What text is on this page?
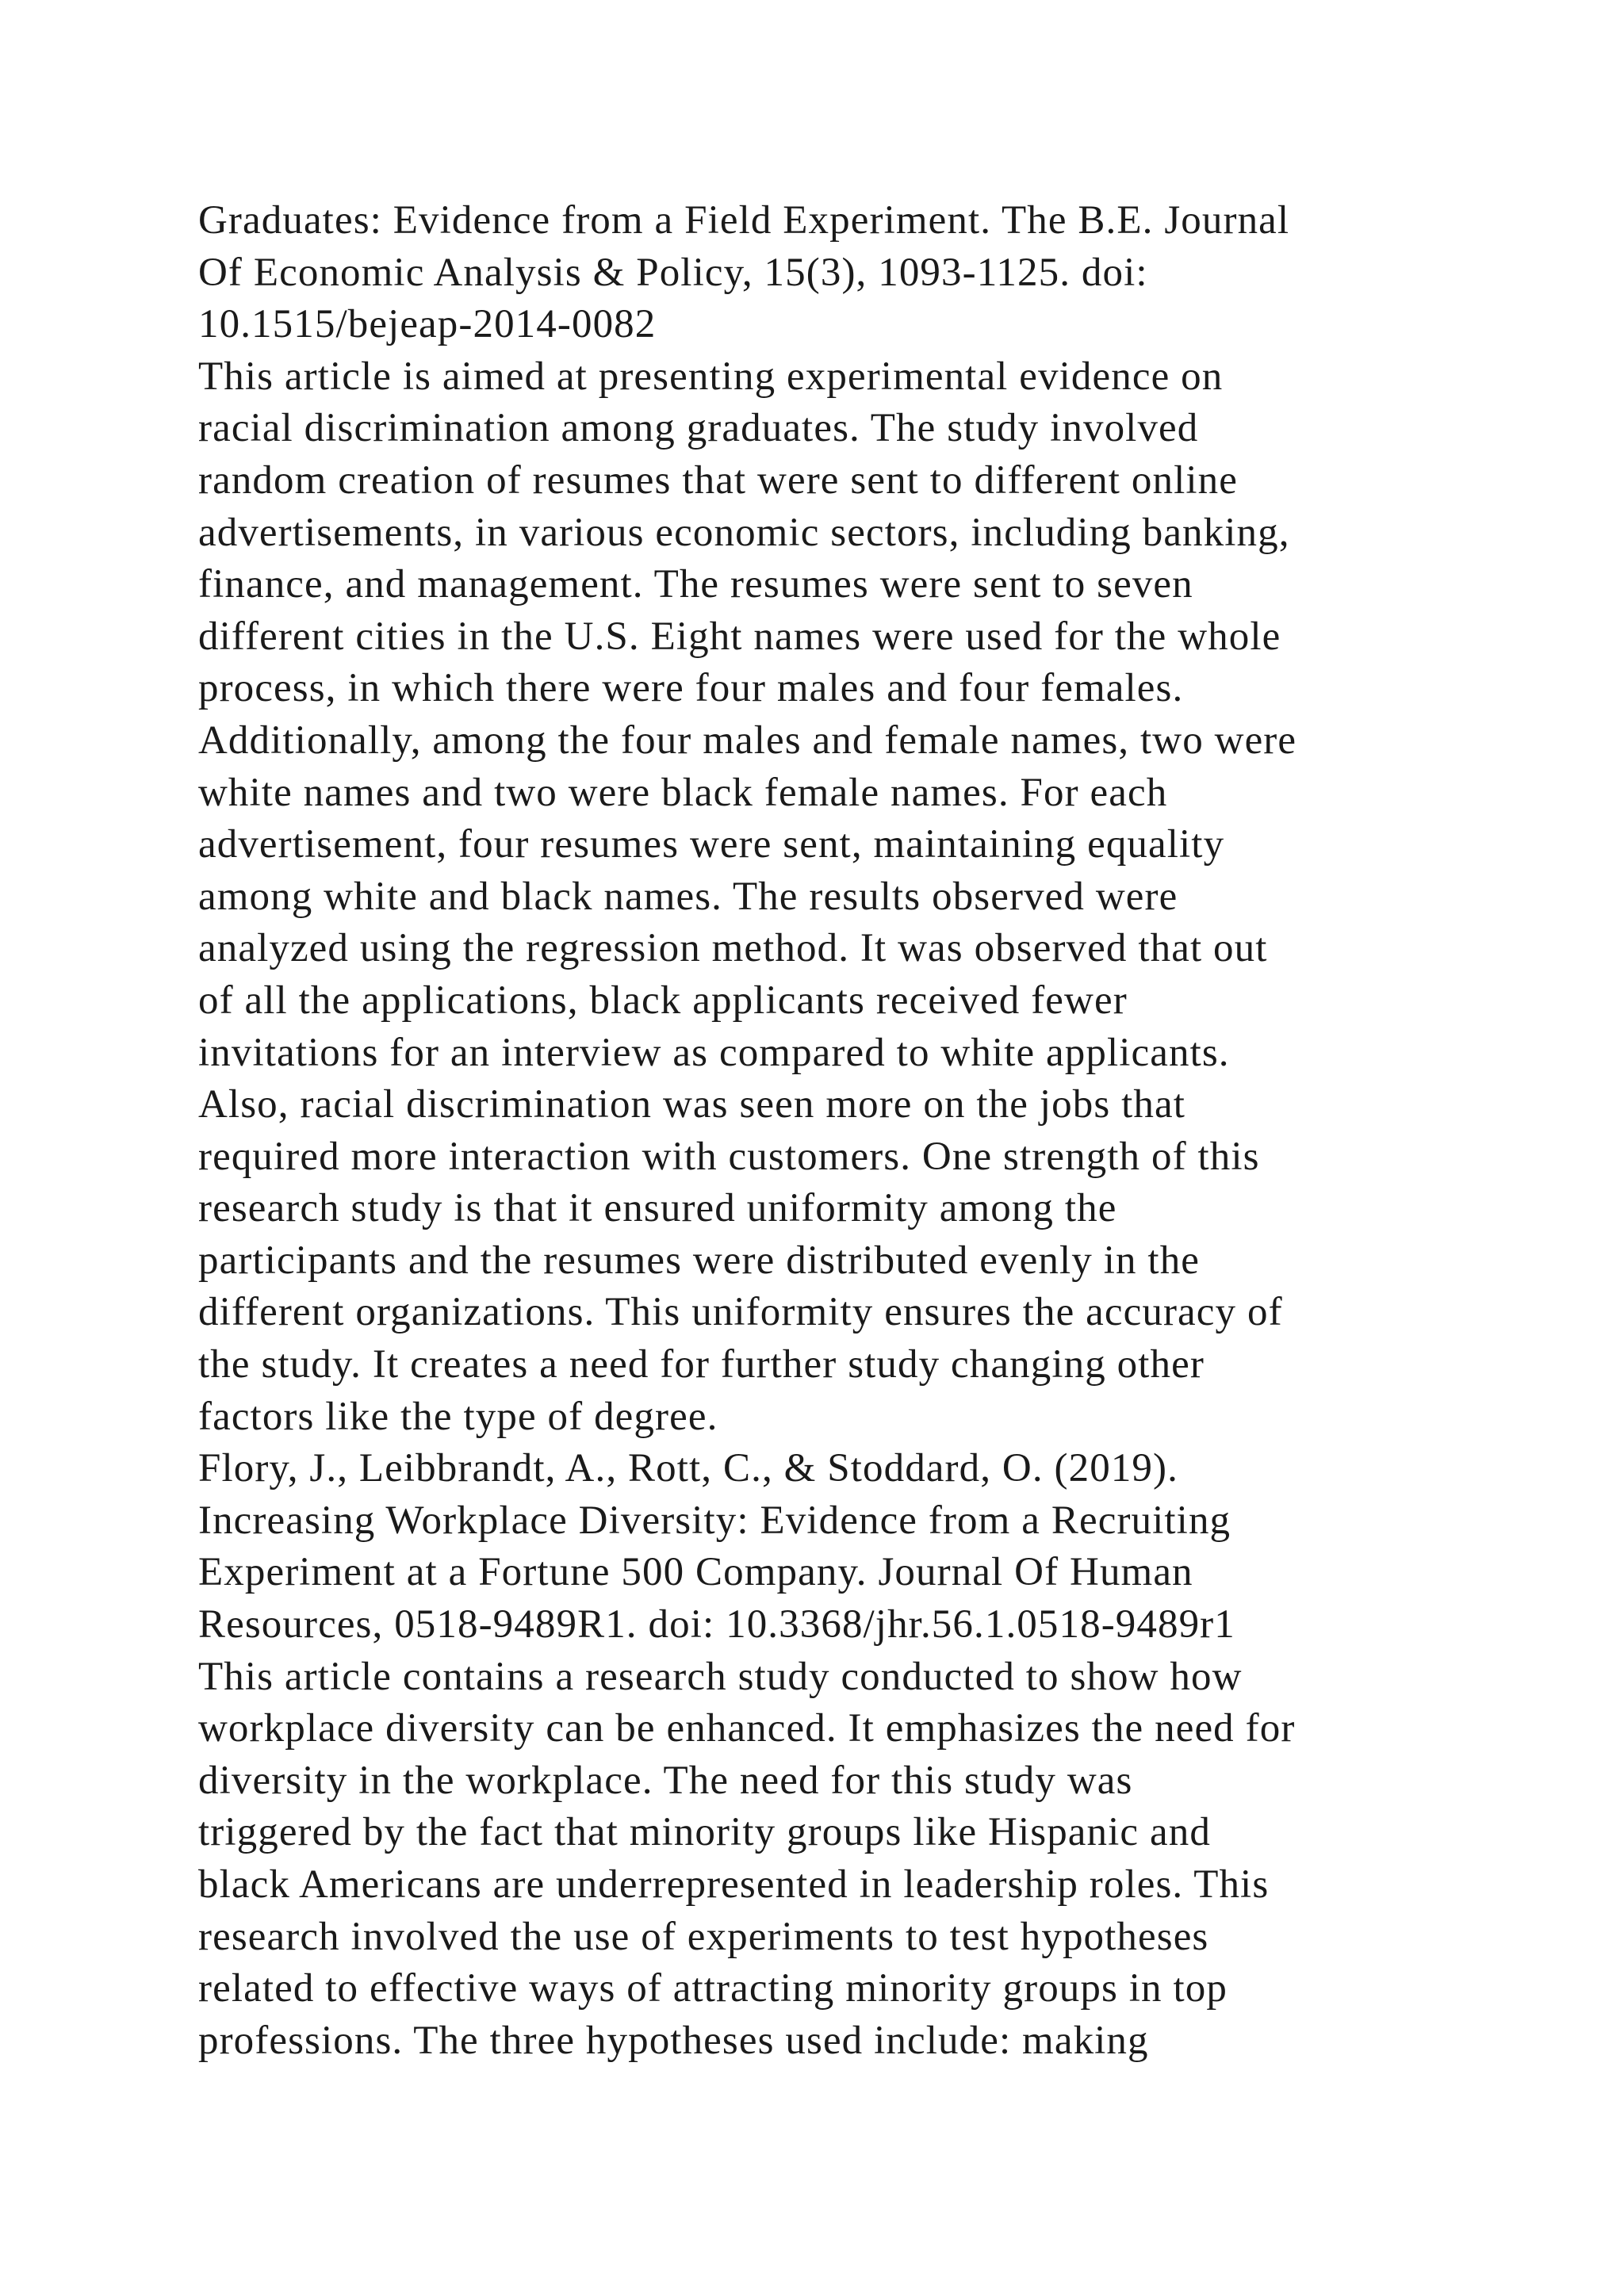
Graduates: Evidence from a Field Experiment. The B.E. Journal
Of Economic Analysis & Policy, 15(3), 1093-1125. doi:
10.1515/bejeap-2014-0082
This article is aimed at presenting experimental evidence on
racial discrimination among graduates. The study involved
random creation of resumes that were sent to different online
advertisements, in various economic sectors, including banking,
finance, and management. The resumes were sent to seven
different cities in the U.S. Eight names were used for the whole
process, in which there were four males and four females.
Additionally, among the four males and female names, two were
white names and two were black female names. For each
advertisement, four resumes were sent, maintaining equality
among white and black names. The results observed were
analyzed using the regression method. It was observed that out
of all the applications, black applicants received fewer
invitations for an interview as compared to white applicants.
Also, racial discrimination was seen more on the jobs that
required more interaction with customers. One strength of this
research study is that it ensured uniformity among the
participants and the resumes were distributed evenly in the
different organizations. This uniformity ensures the accuracy of
the study. It creates a need for further study changing other
factors like the type of degree.
Flory, J., Leibbrandt, A., Rott, C., & Stoddard, O. (2019).
Increasing Workplace Diversity: Evidence from a Recruiting
Experiment at a Fortune 500 Company. Journal Of Human
Resources, 0518-9489R1. doi: 10.3368/jhr.56.1.0518-9489r1
This article contains a research study conducted to show how
workplace diversity can be enhanced. It emphasizes the need for
diversity in the workplace. The need for this study was
triggered by the fact that minority groups like Hispanic and
black Americans are underrepresented in leadership roles. This
research involved the use of experiments to test hypotheses
related to effective ways of attracting minority groups in top
professions. The three hypotheses used include: making
